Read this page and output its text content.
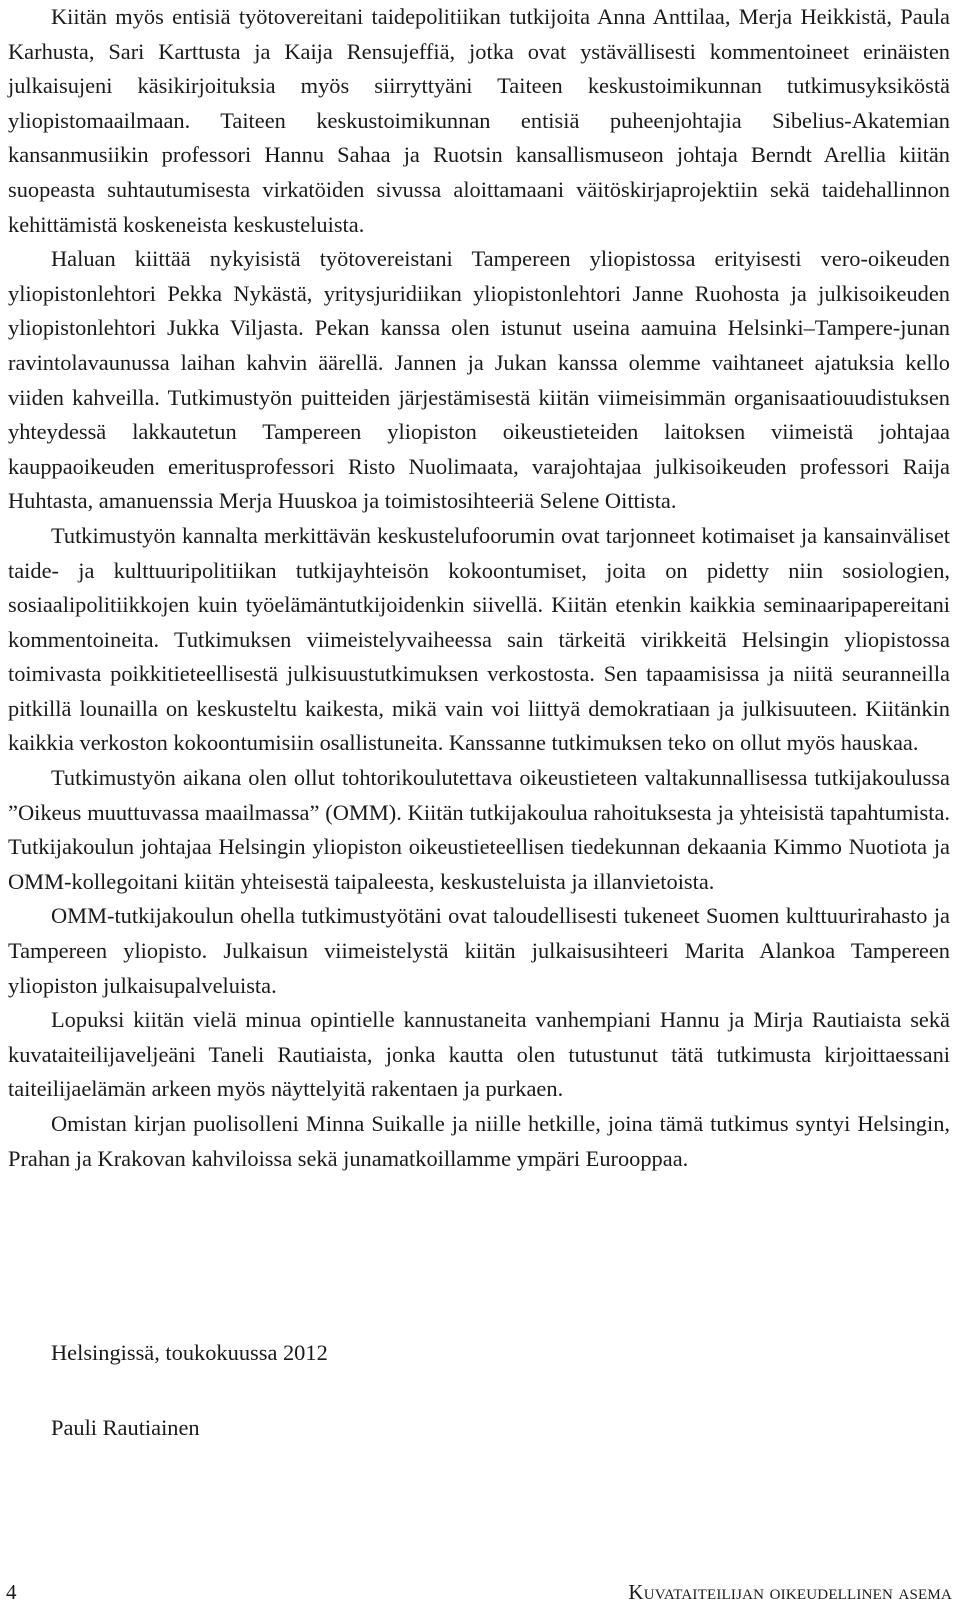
Kiitän myös entisiä työtovereitani taidepolitiikan tutkijoita Anna Anttilaa, Merja Heikkistä, Paula Karhusta, Sari Karttusta ja Kaija Rensujeffiä, jotka ovat ystävällisesti kommentoineet erinäisten julkaisujeni käsikirjoituksia myös siirryttyäni Taiteen keskustoimikunnan tutkimusyksiköstä yliopistomaailmaan. Taiteen keskustoimikunnan entisiä puheenjohtajia Sibelius-Akatemian kansanmusiikin professori Hannu Sahaa ja Ruotsin kansallismuseon johtaja Berndt Arellia kiitän suopeasta suhtautumisesta virkatöiden sivussa aloittamaani väitöskirjaprojektiin sekä taidehallinnon kehittämistä koskeneista keskusteluista.

Haluan kiittää nykyisistä työtovereistani Tampereen yliopistossa erityisesti vero-oikeuden yliopistonlehtori Pekka Nykästä, yritysjuridiikan yliopistonlehtori Janne Ruohosta ja julkisoikeuden yliopistonlehtori Jukka Viljasta. Pekan kanssa olen istunut useina aamuina Helsinki–Tampere-junan ravintolavaunussa laihan kahvin äärellä. Jannen ja Jukan kanssa olemme vaihtaneet ajatuksia kello viiden kahveilla. Tutkimustyön puitteiden järjestämisestä kiitän viimeisimmän organisaatiouudistuksen yhteydessä lakkautetun Tampereen yliopiston oikeustieteiden laitoksen viimeistä johtajaa kauppaoikeuden emeritusprofessori Risto Nuolimaata, varajohtajaa julkisoikeuden professori Raija Huhtasta, amanuenssia Merja Huuskoa ja toimistosihteeriä Selene Oittista.

Tutkimustyön kannalta merkittävän keskustelufoorumin ovat tarjonneet kotimaiset ja kansainväliset taide- ja kulttuuripolitiikan tutkijayhteisön kokoontumiset, joita on pidetty niin sosiologien, sosiaalipolitiikkojen kuin työelämäntutkijoidenkin siivellä. Kiitän etenkin kaikkia seminaaripapereitani kommentoineita. Tutkimuksen viimeistelyvaiheessa sain tärkeitä virikkeitä Helsingin yliopistossa toimivasta poikkitieteellisestä julkisuustutkimuksen verkostosta. Sen tapaamisissa ja niitä seuranneilla pitkillä lounailla on keskusteltu kaikesta, mikä vain voi liittyä demokratiaan ja julkisuuteen. Kiitänkin kaikkia verkoston kokoontumisiin osallistuneita. Kanssanne tutkimuksen teko on ollut myös hauskaa.

Tutkimustyön aikana olen ollut tohtorikoulutettava oikeustieteen valtakunnallisessa tutkijakoulussa ”Oikeus muuttuvassa maailmassa” (OMM). Kiitän tutkijakoulua rahoituksesta ja yhteisistä tapahtumista. Tutkijakoulun johtajaa Helsingin yliopiston oikeustieteellisen tiedekunnan dekaania Kimmo Nuotiota ja OMM-kollegoitani kiitän yhteisestä taipaleesta, keskusteluista ja illanvietoista.

OMM-tutkijakoulun ohella tutkimustyötäni ovat taloudellisesti tukeneet Suomen kulttuurirahasto ja Tampereen yliopisto. Julkaisun viimeistelystä kiitän julkaisusihteeri Marita Alankoa Tampereen yliopiston julkaisupalveluista.

Lopuksi kiitän vielä minua opintielle kannustaneita vanhempiani Hannu ja Mirja Rautiaista sekä kuvataiteilijaveljeäni Taneli Rautiaista, jonka kautta olen tutustunut tätä tutkimusta kirjoittaessani taiteilijaelämän arkeen myös näyttelyitä rakentaen ja purkaen.

Omistan kirjan puolisolleni Minna Suikalle ja niille hetkille, joina tämä tutkimus syntyi Helsingin, Prahan ja Krakovan kahviloissa sekä junamatkoillamme ympäri Eurooppaa.

Helsingissä, toukokuussa 2012

Pauli Rautiainen

4	Kuvataiteilijan oikeudellinen asema
